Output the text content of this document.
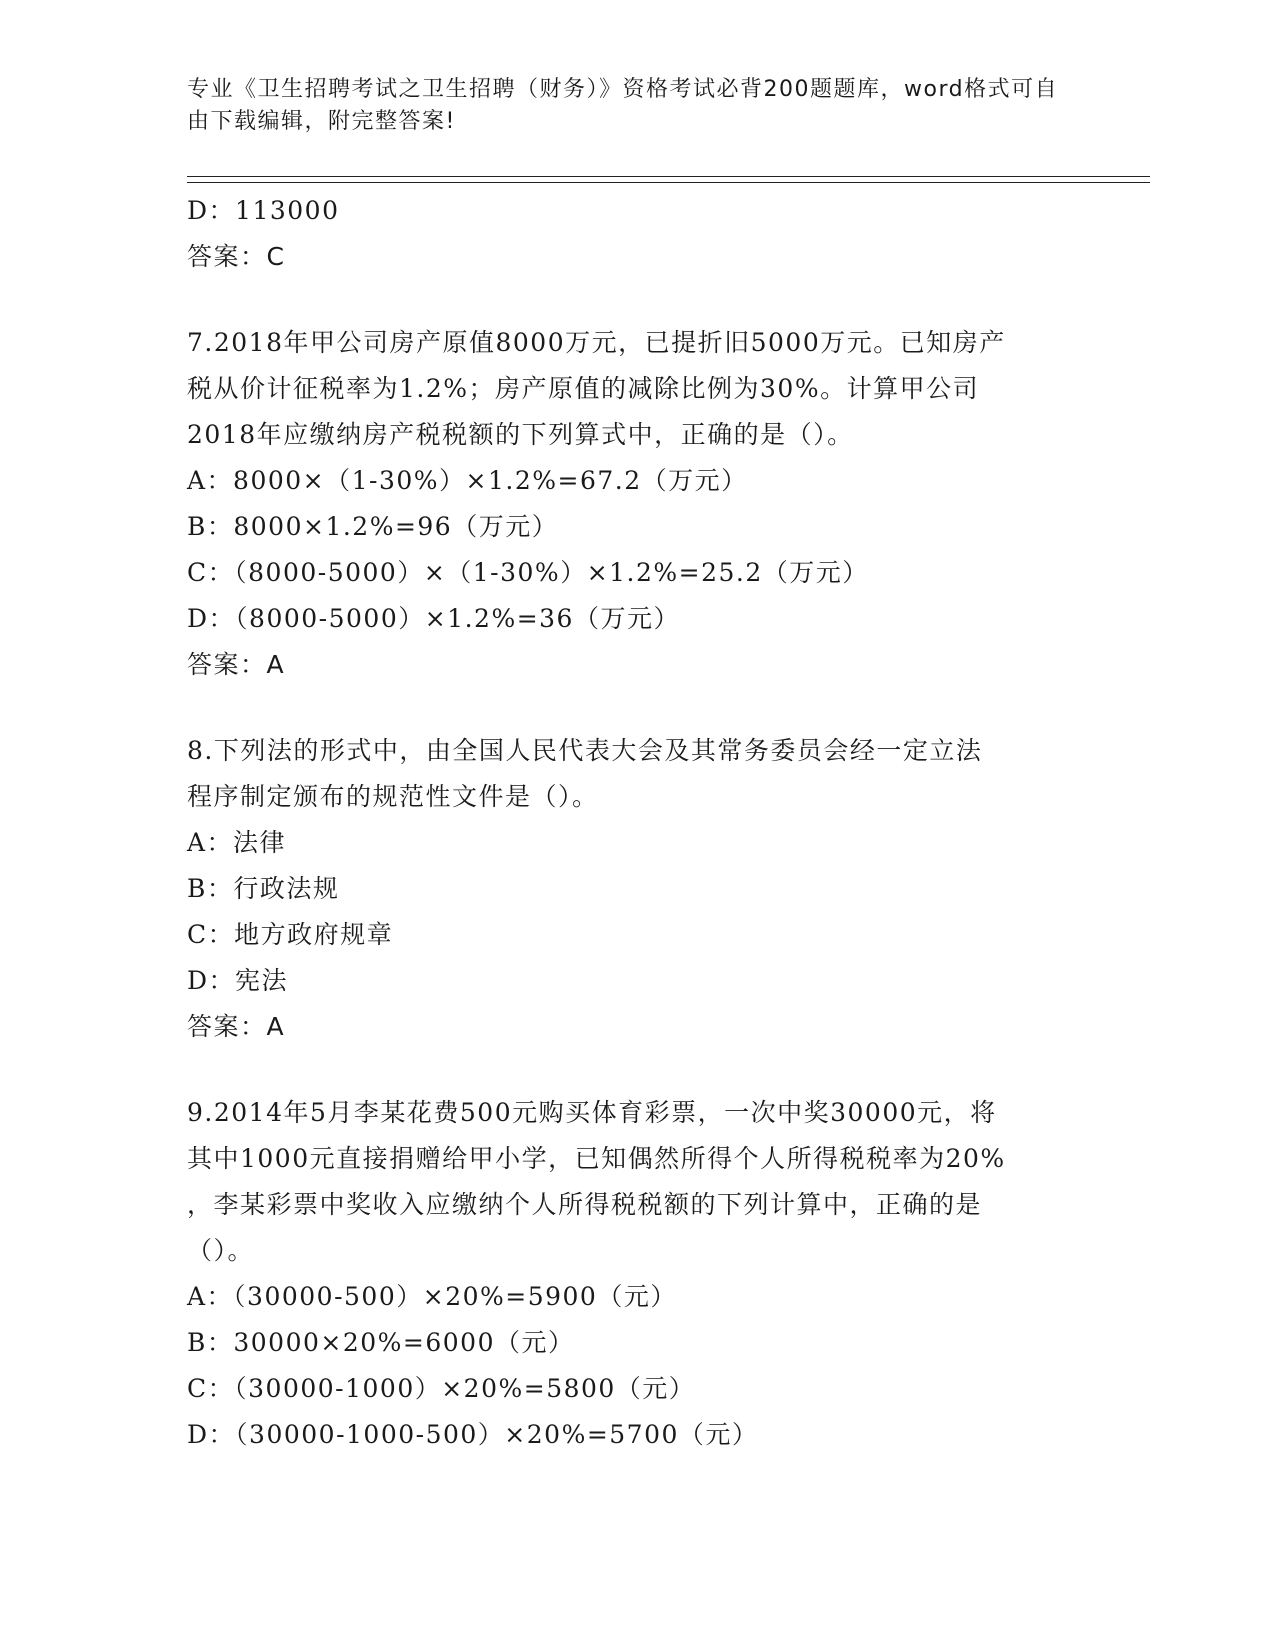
专业《卫生招聘考试之卫生招聘（财务）》资格考试必背200题题库，word格式可自由下载编辑，附完整答案!

D：113000

答案：C

7.2018年甲公司房产原值8000万元，已提折旧5000万元。已知房产

税从价计征税率为1.2%；房产原值的减除比例为30%。计算甲公司

2018年应缴纳房产税税额的下列算式中，正确的是（）。

A：8000×（1-30%）×1.2%=67.2（万元）

B：8000×1.2%=96（万元）

C：（8000-5000）×（1-30%）×1.2%=25.2（万元）

D：（8000-5000）×1.2%=36（万元）

答案：A

8.下列法的形式中，由全国人民代表大会及其常务委员会经一定立法

程序制定颁布的规范性文件是（）。

A：法律

B：行政法规

C：地方政府规章

D：宪法

答案：A

9.2014年5月李某花费500元购买体育彩票，一次中奖30000元，将

其中1000元直接捐赠给甲小学，已知偶然所得个人所得税税率为20%

，李某彩票中奖收入应缴纳个人所得税税额的下列计算中，正确的是

（）。

A：（30000-500）×20%=5900（元）

B：30000×20%=6000（元）

C：（30000-1000）×20%=5800（元）

D：（30000-1000-500）×20%=5700（元）
